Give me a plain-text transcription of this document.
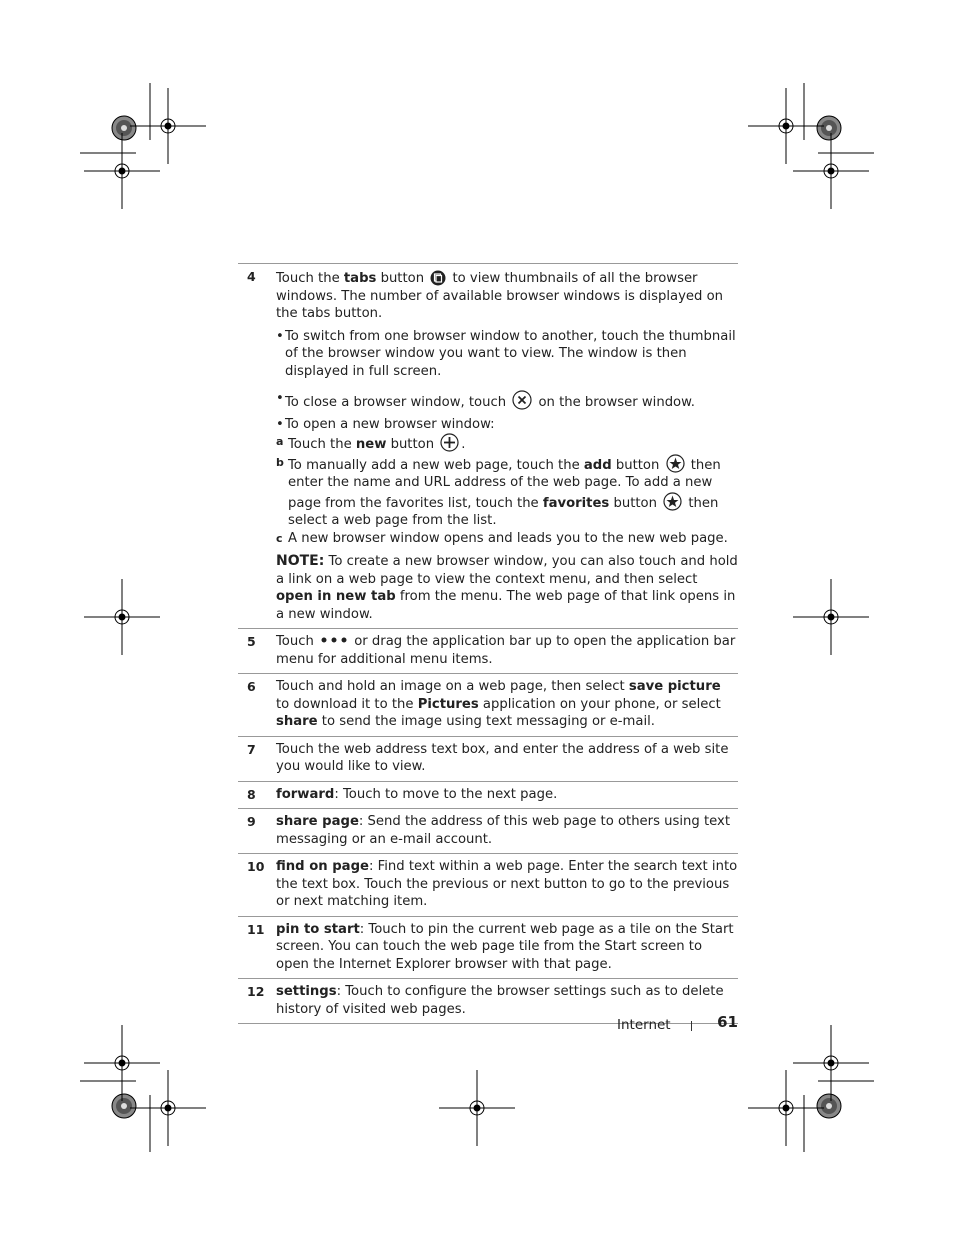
4 Touch the tabs button  to view thumbnails of all the browser windows. The number of available browser windows is displayed on the tabs button.

• To switch from one browser window to another, touch the thumbnail of the browser window you want to view. The window is then displayed in full screen.

• To close a browser window, touch  on the browser window.

• To open a new browser window:

a Touch the new button .

b To manually add a new web page, touch the add button  then enter the name and URL address of the web page. To add a new page from the favorites list, touch the favorites button  then select a web page from the list.

c A new browser window opens and leads you to the new web page.

NOTE: To create a new browser window, you can also touch and hold a link on a web page to view the context menu, and then select open in new tab from the menu. The web page of that link opens in a new window.

5 Touch  or drag the application bar up to open the application bar menu for additional menu items.

6 Touch and hold an image on a web page, then select save picture to download it to the Pictures application on your phone, or select share to send the image using text messaging or e-mail.

7 Touch the web address text box, and enter the address of a web site you would like to view.

8 forward: Touch to move to the next page.

9 share page: Send the address of this web page to others using text messaging or an e-mail account.

10 find on page: Find text within a web page. Enter the search text into the text box. Touch the previous or next button to go to the previous or next matching item.

11 pin to start: Touch to pin the current web page as a tile on the Start screen. You can touch the web page tile from the Start screen to open the Internet Explorer browser with that page.

12 settings: Touch to configure the browser settings such as to delete history of visited web pages.

Internet	61
